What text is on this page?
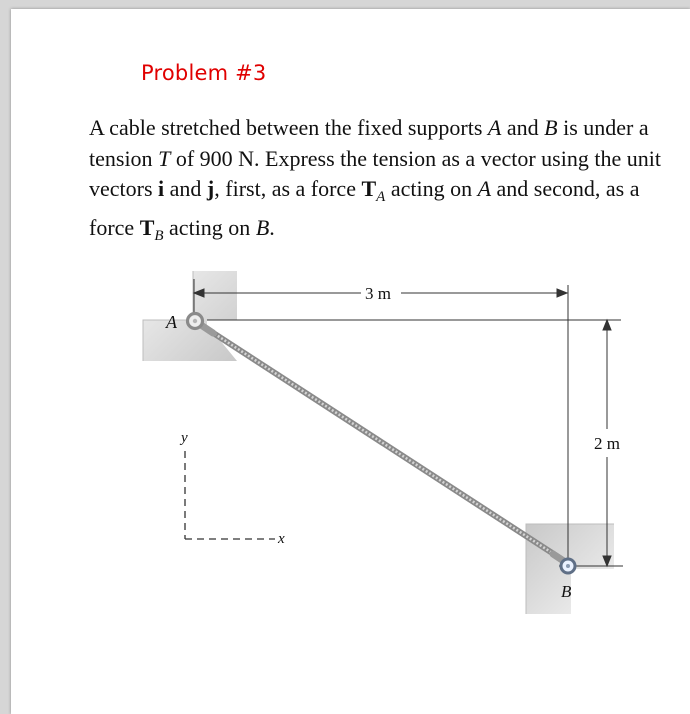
Problem #3
A cable stretched between the fixed supports A and B is under a tension T of 900 N. Express the tension as a vector using the unit vectors i and j, first, as a force $T_A$ acting on A and second, as a force $T_B$ acting on B.
A
B
3 m
2 m
y
x
